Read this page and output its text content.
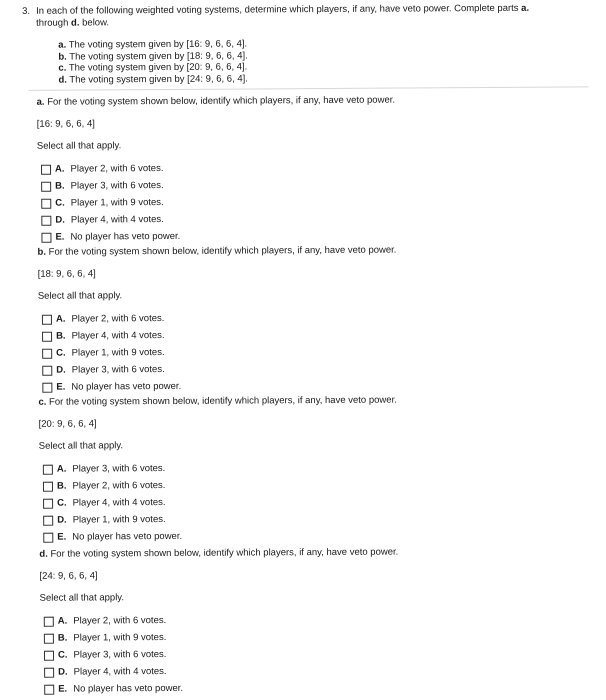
3. In each of the following weighted voting systems, determine which players, if any, have veto power. Complete parts a.
through d. below.
a. The voting system given by [16: 9, 6, 6, 4].
b. The voting system given by [18: 9, 6, 6, 4].
c. The voting system given by [20: 9, 6, 6, 4].
d. The voting system given by [24: 9, 6, 6, 4].
a. For the voting system shown below, identify which players, if any, have veto power.
[16: 9, 6, 6, 4]
Select all that apply.
A. Player 2, with 6 votes.
B. Player 3, with 6 votes.
C. Player 1, with 9 votes.
D. Player 4, with 4 votes.
E. No player has veto power.
b. For the voting system shown below, identify which players, if any, have veto power.
[18: 9, 6, 6, 4]
Select all that apply.
A. Player 2, with 6 votes.
B. Player 4, with 4 votes.
C. Player 1, with 9 votes.
D. Player 3, with 6 votes.
E. No player has veto power.
c. For the voting system shown below, identify which players, if any, have veto power.
[20: 9, 6, 6, 4]
Select all that apply.
A. Player 3, with 6 votes.
B. Player 2, with 6 votes.
C. Player 4, with 4 votes.
D. Player 1, with 9 votes.
E. No player has veto power.
d. For the voting system shown below, identify which players, if any, have veto power.
[24: 9, 6, 6, 4]
Select all that apply.
A. Player 2, with 6 votes.
B. Player 1, with 9 votes.
C. Player 3, with 6 votes.
D. Player 4, with 4 votes.
E. No player has veto power.
